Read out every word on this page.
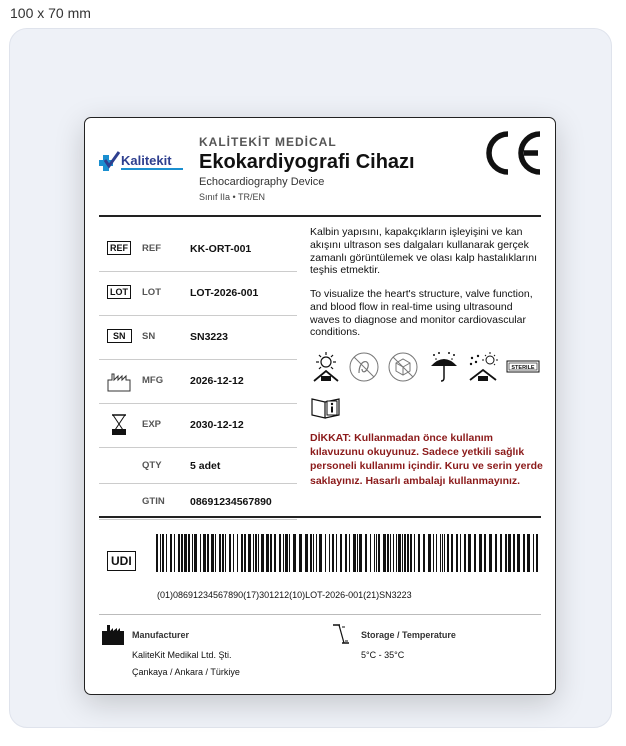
100 x 70 mm
Kalitekit
KALİTEKİT MEDİCAL
Ekokardiyografi Cihazı
Echocardiography Device
Sınıf IIa • TR/EN
REF	REF	KK-ORT-001
LOT	LOT	LOT-2026-001
SN	SN	SN3223
MFG	2026-12-12
EXP	2030-12-12
QTY	5 adet
GTIN 08691234567890
Kalbin yapısını, kapakçıkların işleyişini ve kan akışını ultrason ses dalgaları kullanarak gerçek zamanlı görüntülemek ve olası kalp hastalıklarını teşhis etmektir.
To visualize the heart's structure, valve function, and blood flow in real-time using ultrasound waves to diagnose and monitor cardiovascular conditions.
STERILE
DİKKAT: Kullanmadan önce kullanım kılavuzunu okuyunuz. Sadece yetkili sağlık personeli kullanımı içindir. Kuru ve serin yerde saklayınız. Hasarlı ambalajı kullanmayınız.
UDI
(01)08691234567890(17)301212(10)LOT-2026-001(21)SN3223
Manufacturer
KaliteKit Medikal Ltd. Şti.
Çankaya / Ankara / Türkiye
Storage / Temperature
5°C - 35°C
